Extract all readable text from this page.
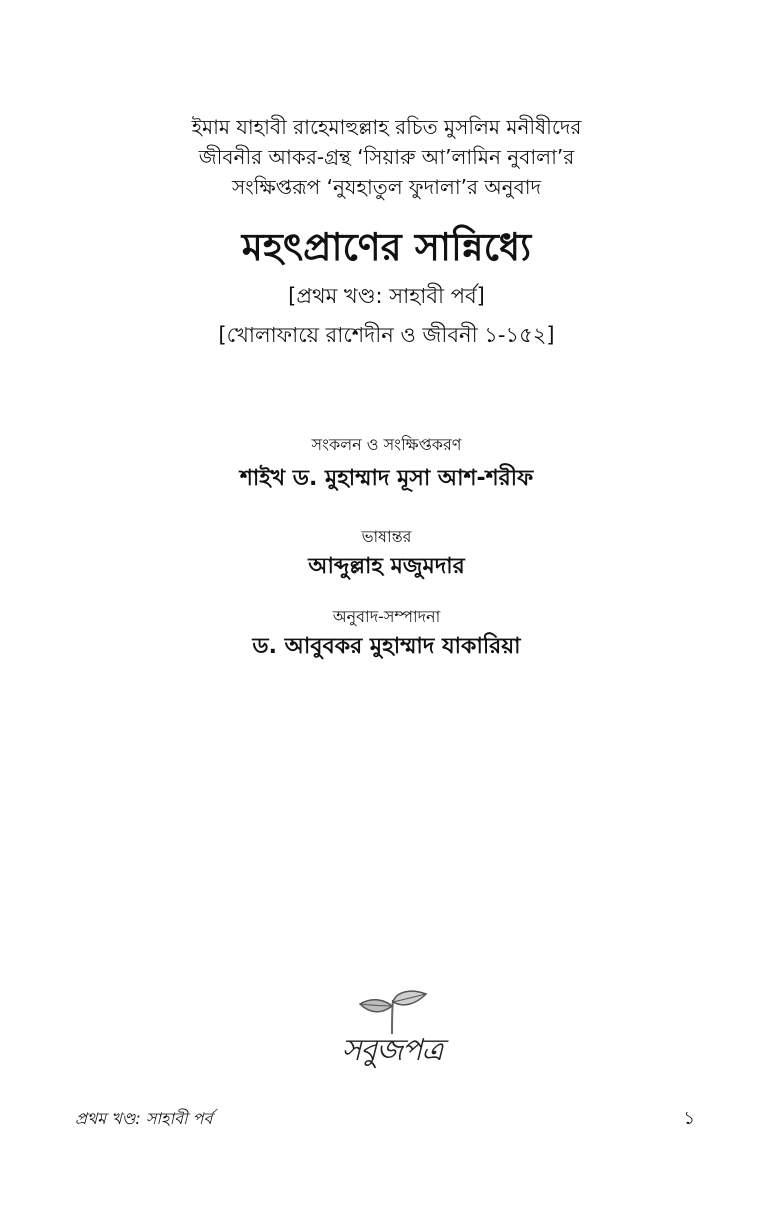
ইমাম যাহাবী রাহেমাহুল্লাহ রচিত মুসলিম মনীষীদের
জীবনীর আকর-গ্রন্থ ‘সিয়ারু আ’লামিন নুবালা’র
সংক্ষিপ্তরূপ ‘নুযহাতুল ফুদালা’র অনুবাদ
মহৎপ্রাণের সান্নিধ্যে
[প্রথম খণ্ড: সাহাবী পর্ব]
[খোলাফায়ে রাশেদীন ও জীবনী ১-১৫২]
সংকলন ও সংক্ষিপ্তকরণ
শাইখ ড. মুহাম্মাদ মূসা আশ-শরীফ
ভাষান্তর
আব্দুল্লাহ মজুমদার
অনুবাদ-সম্পাদনা
ড. আবুবকর মুহাম্মাদ যাকারিয়া
সবুজপত্র
প্রথম খণ্ড: সাহাবী পর্ব	১
